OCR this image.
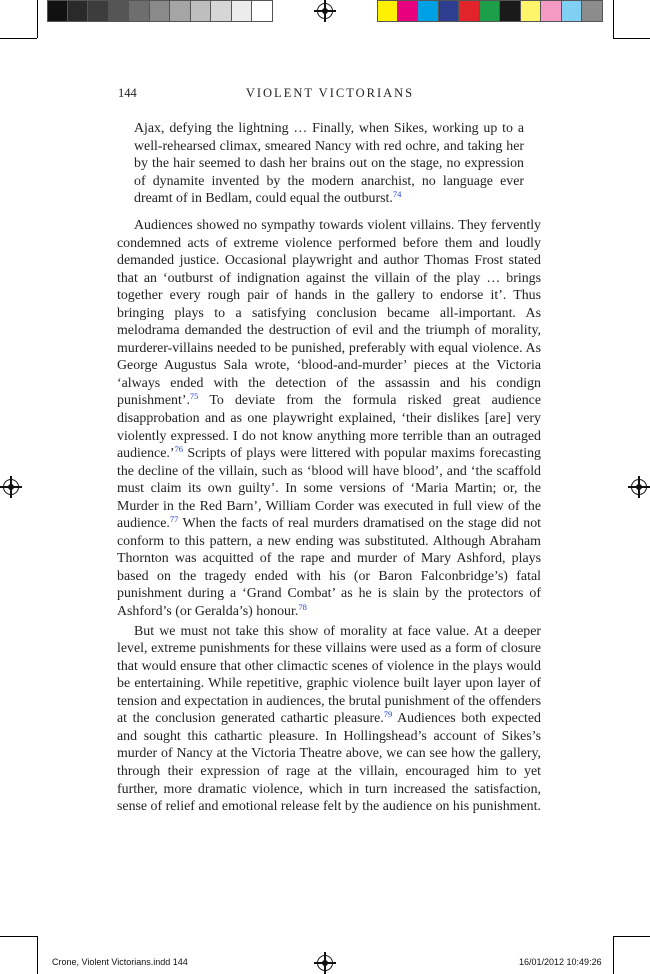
144	VIOLENT VICTORIANS
Ajax, defying the lightning … Finally, when Sikes, working up to a well-rehearsed climax, smeared Nancy with red ochre, and taking her by the hair seemed to dash her brains out on the stage, no expression of dynamite invented by the modern anarchist, no language ever dreamt of in Bedlam, could equal the outburst.$^{74}$

Audiences showed no sympathy towards violent villains. They fervently condemned acts of extreme violence performed before them and loudly demanded justice. Occasional playwright and author Thomas Frost stated that an ‘outburst of indignation against the villain of the play … brings together every rough pair of hands in the gallery to endorse it’. Thus bringing plays to a satisfying conclusion became all-important. As melodrama demanded the destruction of evil and the triumph of morality, murderer-villains needed to be punished, preferably with equal violence. As George Augustus Sala wrote, ‘blood-and-murder’ pieces at the Victoria ‘always ended with the detection of the assassin and his condign punishment’.$^{75}$ To deviate from the formula risked great audience disapprobation and as one playwright explained, ‘their dislikes [are] very violently expressed. I do not know anything more terrible than an outraged audience.’$^{76}$ Scripts of plays were littered with popular maxims forecasting the decline of the villain, such as ‘blood will have blood’, and ‘the scaffold must claim its own guilty’. In some versions of ‘Maria Martin; or, the Murder in the Red Barn’, William Corder was executed in full view of the audience.$^{77}$ When the facts of real murders dramatised on the stage did not conform to this pattern, a new ending was substituted. Although Abraham Thornton was acquitted of the rape and murder of Mary Ashford, plays based on the tragedy ended with his (or Baron Falconbridge’s) fatal punishment during a ‘Grand Combat’ as he is slain by the protectors of Ashford’s (or Geralda’s) honour.$^{78}$

But we must not take this show of morality at face value. At a deeper level, extreme punishments for these villains were used as a form of closure that would ensure that other climactic scenes of violence in the plays would be entertaining. While repetitive, graphic violence built layer upon layer of tension and expectation in audiences, the brutal punishment of the offenders at the conclusion generated cathartic pleasure.$^{79}$ Audiences both expected and sought this cathartic pleasure. In Hollingshead’s account of Sikes’s murder of Nancy at the Victoria Theatre above, we can see how the gallery, through their expression of rage at the villain, encouraged him to yet further, more dramatic violence, which in turn increased the satisfaction, sense of relief and emotional release felt by the audience on his punishment.

Crone, Violent Victorians.indd 144	16/01/2012 10:49:26
